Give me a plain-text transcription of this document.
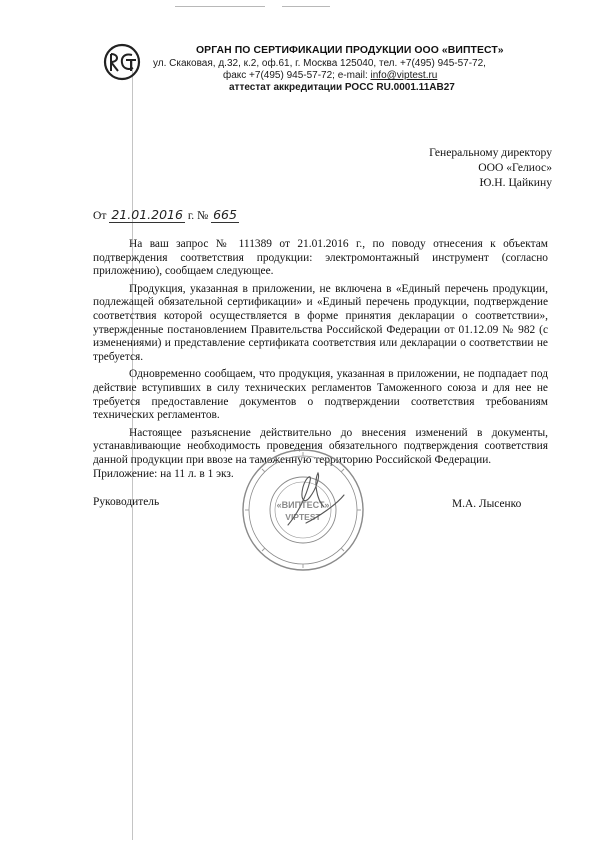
ОРГАН ПО СЕРТИФИКАЦИИ ПРОДУКЦИИ ООО «ВИПТЕСТ»
ул. Скаковая, д.32, к.2, оф.61, г. Москва 125040, тел. +7(495) 945-57-72,
факс +7(495) 945-57-72; e-mail: info@viptest.ru
аттестат аккредитации РОСС RU.0001.11АВ27
Генеральному директору
ООО «Гелиос»
Ю.Н. Цайкину
От 21.01.2016 г. № 665

На ваш запрос № 111389 от 21.01.2016 г., по поводу отнесения к объектам подтверждения соответствия продукции: электромонтажный инструмент (согласно приложению), сообщаем следующее.

Продукция, указанная в приложении, не включена в «Единый перечень продукции, подлежащей обязательной сертификации» и «Единый перечень продукции, подтверждение соответствия которой осуществляется в форме принятия декларации о соответствии», утвержденные постановлением Правительства Российской Федерации от 01.12.09 № 982 (с изменениями) и представление сертификата соответствия или декларации о соответствии не требуется.

Одновременно сообщаем, что продукция, указанная в приложении, не подпадает под действие вступивших в силу технических регламентов Таможенного союза и для нее не требуется предоставление документов о подтверждении соответствия требованиям технических регламентов.

Настоящее разъяснение действительно до внесения изменений в документы, устанавливающие необходимость проведения обязательного подтверждения соответствия данной продукции при ввозе на таможенную территорию Российской Федерации.

Приложение: на 11 л. в 1 экз.
Руководитель	М.А. Лысенко
«ВИПТЕСТ»
VIPTEST
